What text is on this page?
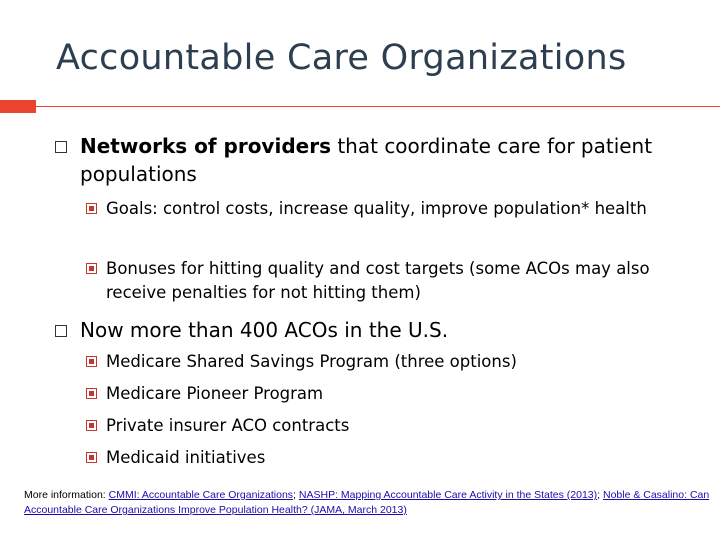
Accountable Care Organizations
Networks of providers that coordinate care for patient populations
Goals: control costs, increase quality, improve population* health
Bonuses for hitting quality and cost targets (some ACOs may also receive penalties for not hitting them)
Now more than 400 ACOs in the U.S.
Medicare Shared Savings Program (three options)
Medicare Pioneer Program
Private insurer ACO contracts
Medicaid initiatives
More information: CMMI: Accountable Care Organizations; NASHP: Mapping Accountable Care Activity in the States (2013); Noble & Casalino: Can Accountable Care Organizations Improve Population Health? (JAMA, March 2013)
